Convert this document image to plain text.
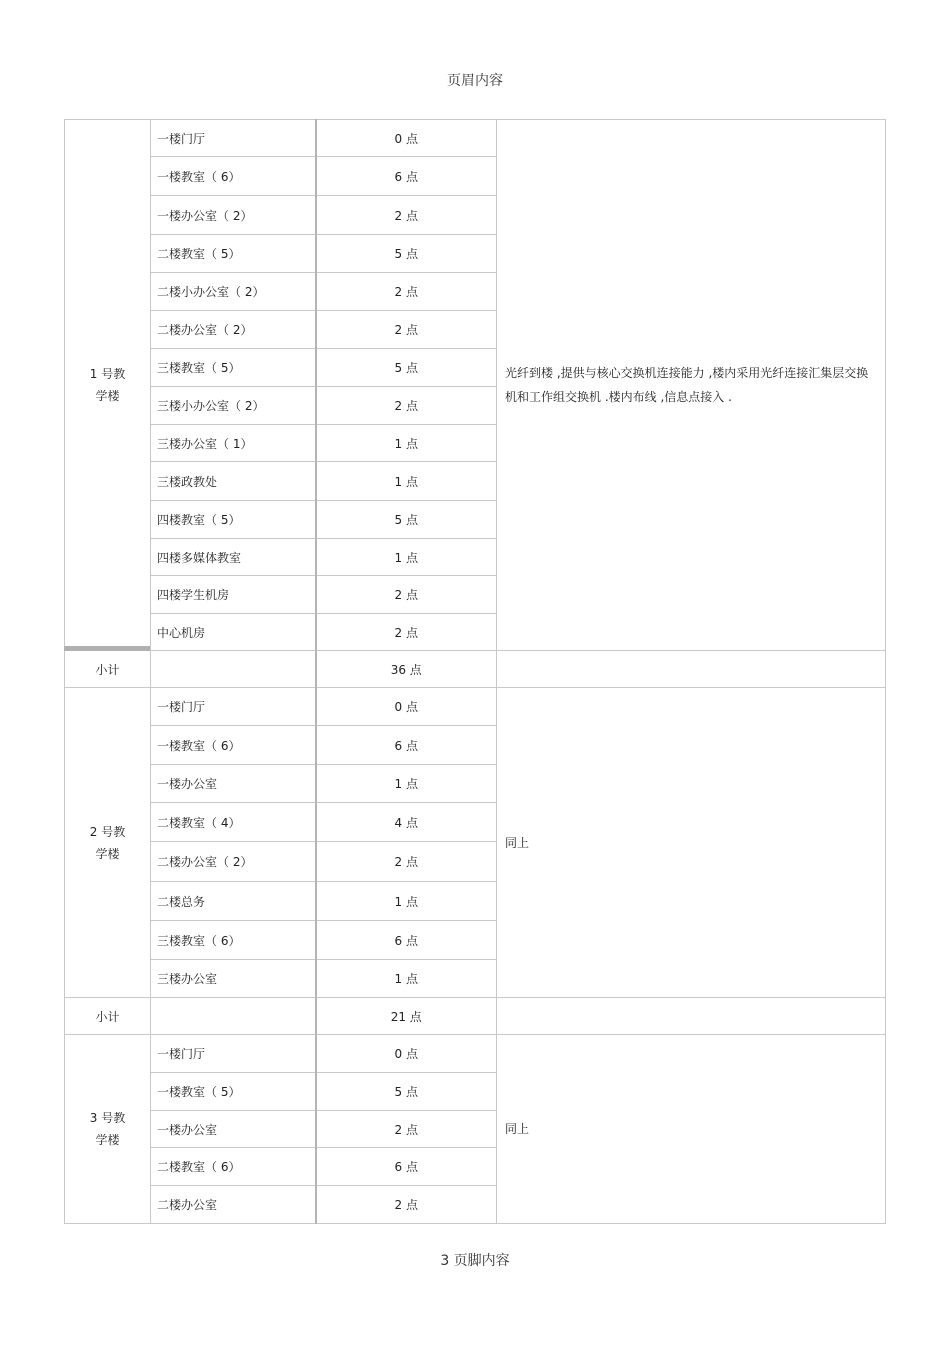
页眉内容
1 号教
学楼	一楼门厅	0 点	光纤到楼 ,提供与核心交换机连接能力 ,楼内采用光纤连接汇集层交换机和工作组交换机 .楼内布线 ,信息点接入 .
	一楼教室（ 6）	6 点	
	一楼办公室（ 2）	2 点	
	二楼教室（ 5）	5 点	
	二楼小办公室（ 2）	2 点	
	二楼办公室（ 2）	2 点	
	三楼教室（ 5）	5 点	
	三楼小办公室（ 2）	2 点	
	三楼办公室（ 1）	1 点	
	三楼政教处	1 点	
	四楼教室（ 5）	5 点	
	四楼多媒体教室	1 点	
	四楼学生机房	2 点	
	中心机房	2 点	
小计		36 点	
2 号教
学楼	一楼门厅	0 点	同上
	一楼教室（ 6）	6 点	
	一楼办公室	1 点	
	二楼教室（ 4）	4 点	
	二楼办公室（ 2）	2 点	
	二楼总务	1 点	
	三楼教室（ 6）	6 点	
	三楼办公室	1 点	
小计		21 点	
3 号教
学楼	一楼门厅	0 点	同上
	一楼教室（ 5）	5 点	
	一楼办公室	2 点	
	二楼教室（ 6）	6 点	
	二楼办公室	2 点	
3 页脚内容
